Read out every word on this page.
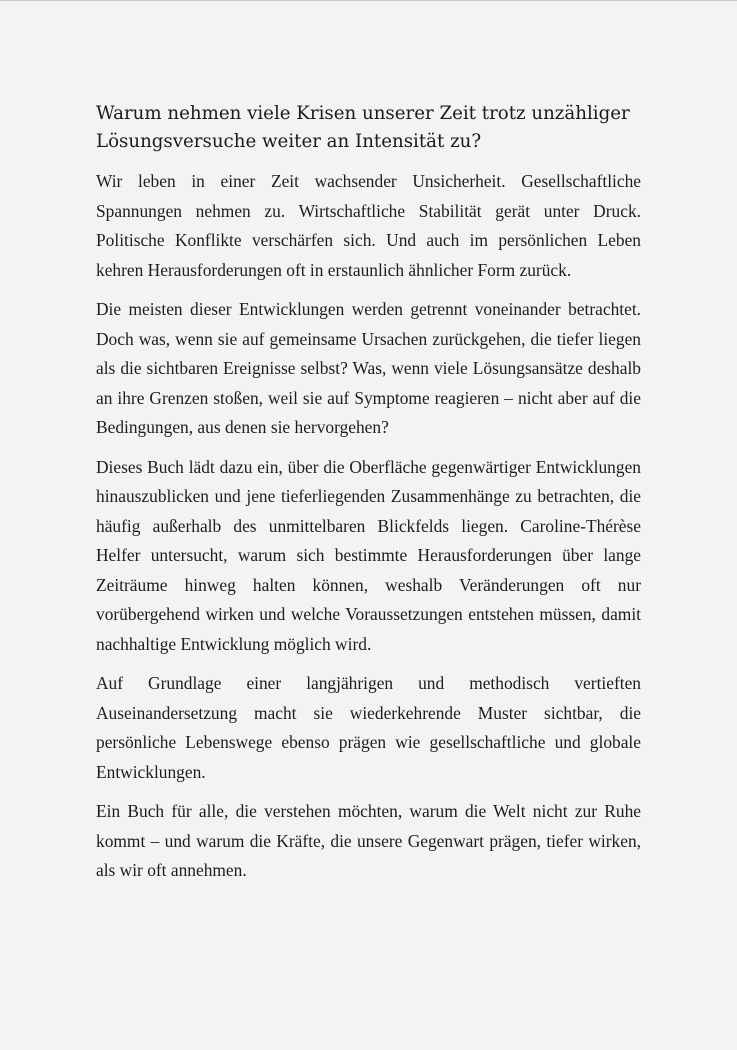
Warum nehmen viele Krisen unserer Zeit trotz unzähliger Lösungsversuche weiter an Intensität zu?

Wir leben in einer Zeit wachsender Unsicherheit. Gesellschaftliche Spannungen nehmen zu. Wirtschaftliche Stabilität gerät unter Druck. Politische Konflikte verschärfen sich. Und auch im persönlichen Leben kehren Herausforderungen oft in erstaunlich ähnlicher Form zurück.

Die meisten dieser Entwicklungen werden getrennt voneinander betrachtet. Doch was, wenn sie auf gemeinsame Ursachen zurückgehen, die tiefer liegen als die sichtbaren Ereignisse selbst? Was, wenn viele Lösungsansätze deshalb an ihre Grenzen stoßen, weil sie auf Symptome reagieren – nicht aber auf die Bedingungen, aus denen sie hervorgehen?

Dieses Buch lädt dazu ein, über die Oberfläche gegenwärtiger Entwicklungen hinauszublicken und jene tieferliegenden Zusammenhänge zu betrachten, die häufig außerhalb des unmittelbaren Blickfelds liegen. Caroline-Thérèse Helfer untersucht, warum sich bestimmte Herausforderungen über lange Zeiträume hinweg halten können, weshalb Veränderungen oft nur vorübergehend wirken und welche Voraussetzungen entstehen müssen, damit nachhaltige Entwicklung möglich wird.

Auf Grundlage einer langjährigen und methodisch vertieften Auseinandersetzung macht sie wiederkehrende Muster sichtbar, die persönliche Lebenswege ebenso prägen wie gesellschaftliche und globale Entwicklungen.

Ein Buch für alle, die verstehen möchten, warum die Welt nicht zur Ruhe kommt – und warum die Kräfte, die unsere Gegenwart prägen, tiefer wirken, als wir oft annehmen.
